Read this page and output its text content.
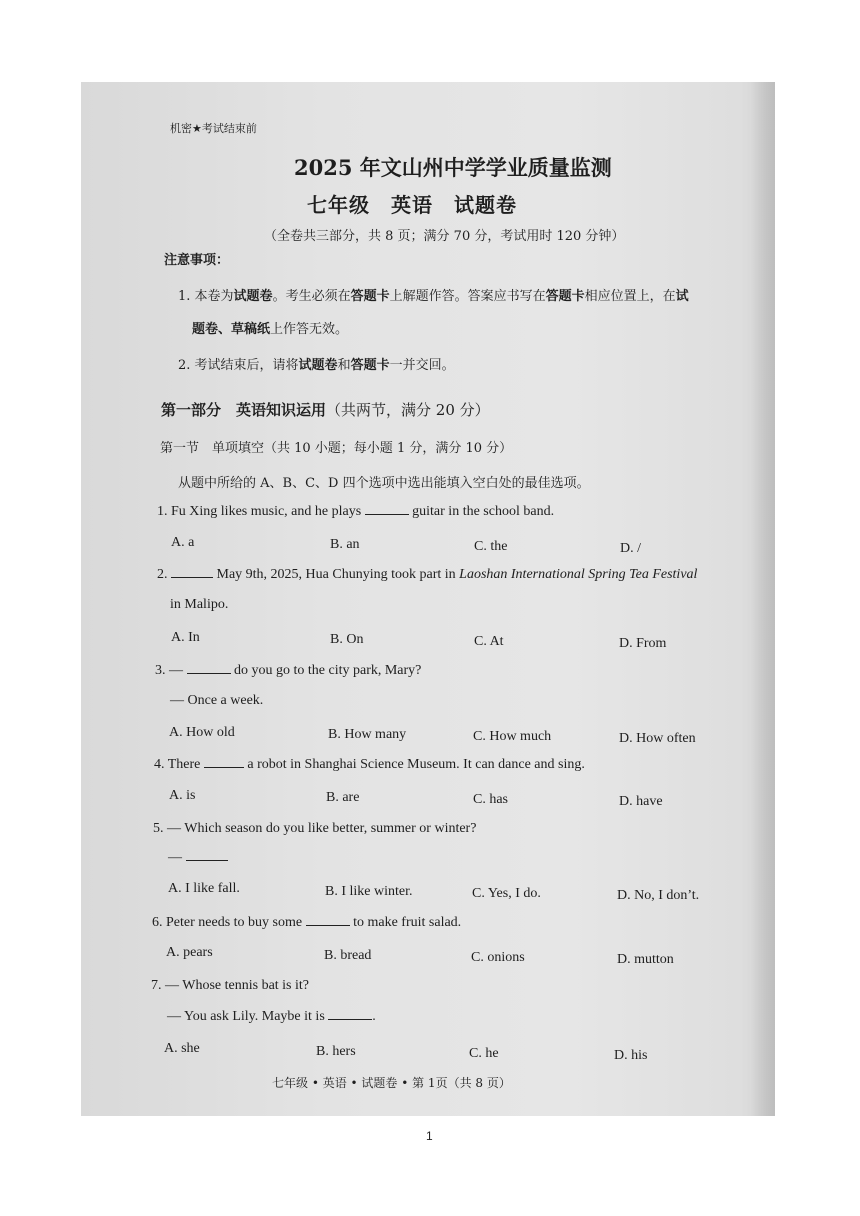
机密★考试结束前
2025 年文山州中学学业质量监测
七年级　英语　试题卷
（全卷共三部分，共 8 页；满分 70 分，考试用时 120 分钟）
注意事项：
1. 本卷为试题卷。考生必须在答题卡上解题作答。答案应书写在答题卡相应位置上，在试
题卷、草稿纸上作答无效。
2. 考试结束后，请将试题卷和答题卡一并交回。
第一部分　英语知识运用（共两节，满分 20 分）
第一节　单项填空（共 10 小题；每小题 1 分，满分 10 分）
从题中所给的 A、B、C、D 四个选项中选出能填入空白处的最佳选项。
1. Fu Xing likes music, and he plays	guitar in the school band.
A. a	B. an	C. the	D. /
2.	May 9th, 2025, Hua Chunying took part in Laoshan International Spring Tea Festival
in Malipo.
A. In	B. On	C. At	D. From
3. —	do you go to the city park, Mary?
— Once a week.
A. How old	B. How many	C. How much	D. How often
4. There	a robot in Shanghai Science Museum. It can dance and sing.
A. is	B. are	C. has	D. have
5. — Which season do you like better, summer or winter?
—
A. I like fall.	B. I like winter.	C. Yes, I do.	D. No, I don’t.
6. Peter needs to buy some	to make fruit salad.
A. pears	B. bread	C. onions	D. mutton
7. — Whose tennis bat is it?
— You ask Lily. Maybe it is	.
A. she	B. hers	C. he	D. his
七年级 • 英语 • 试题卷 • 第 1页（共 8 页）
1
